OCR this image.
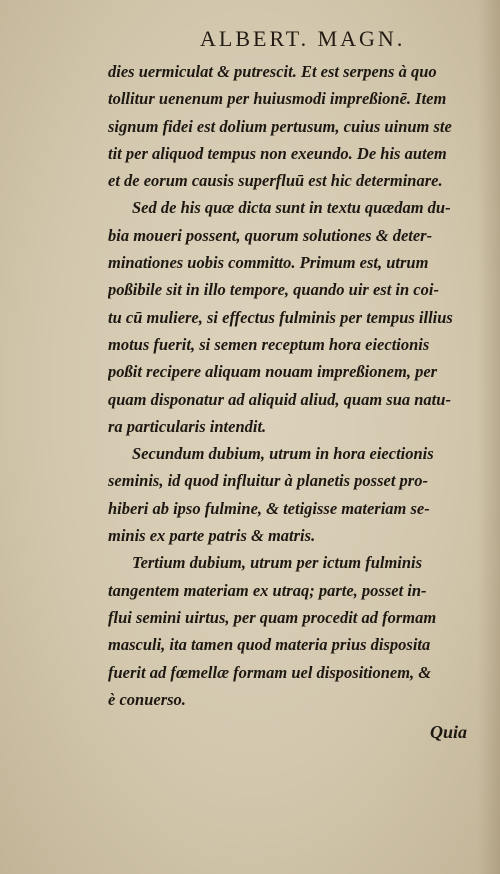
ALBERT. MAGN.
dies uermiculat & putrescit. Et est serpens à quo
tollitur uenenum per huiusmodi impreßionē. Item
signum fidei est dolium pertusum, cuius uinum ste
tit per aliquod tempus non exeundo. De his autem
et de eorum causis superfluū est hic determinare.
Sed de his quæ dicta sunt in textu quædam du-
bia moueri possent, quorum solutiones & deter-
minationes uobis committo. Primum est, utrum
poßibile sit in illo tempore, quando uir est in coi-
tu cū muliere, si effectus fulminis per tempus illius
motus fuerit, si semen receptum hora eiectionis
poßit recipere aliquam nouam impreßionem, per
quam disponatur ad aliquid aliud, quam sua natu-
ra particularis intendit.
Secundum dubium, utrum in hora eiectionis
seminis, id quod influitur à planetis posset pro-
hiberi ab ipso fulmine, & tetigisse materiam se-
minis ex parte patris & matris.
Tertium dubium, utrum per ictum fulminis
tangentem materiam ex utraq; parte, posset in-
flui semini uirtus, per quam procedit ad formam
masculi, ita tamen quod materia prius disposita
fuerit ad fœmellæ formam uel dispositionem, &
è conuerso.
Quia
